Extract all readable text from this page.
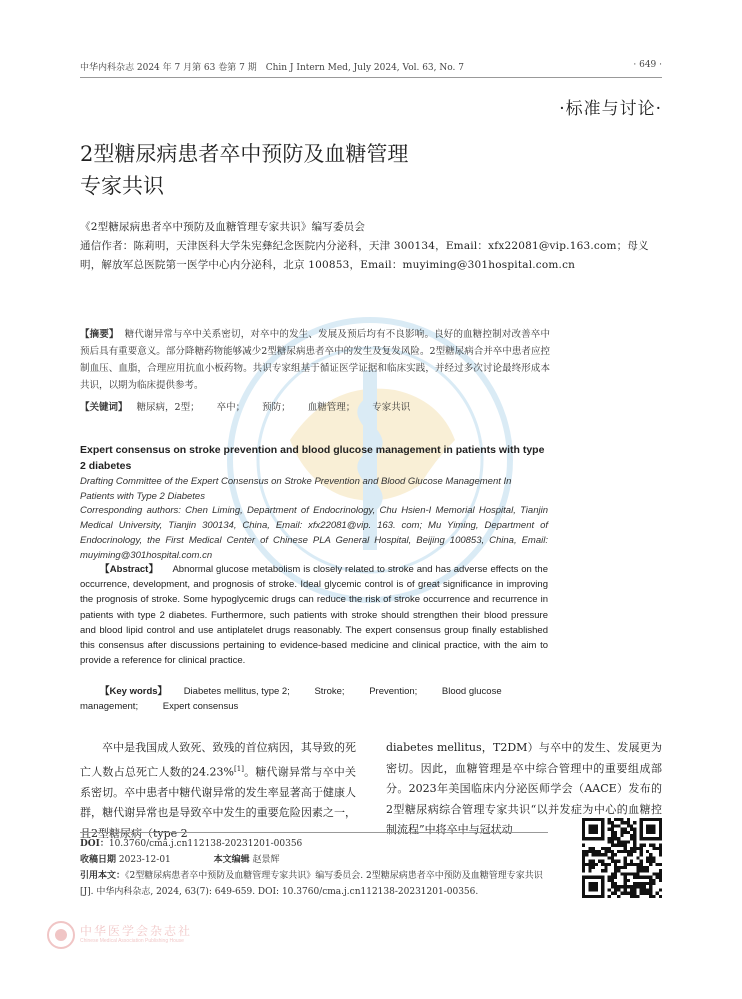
中华内科杂志 2024 年 7 月第 63 卷第 7 期　Chin J Intern Med, July 2024, Vol. 63, No. 7	· 649 ·
·标准与讨论·
2型糖尿病患者卒中预防及血糖管理
专家共识
《2型糖尿病患者卒中预防及血糖管理专家共识》编写委员会
通信作者：陈莉明，天津医科大学朱宪彝纪念医院内分泌科，天津 300134，Email：xfx22081@vip.163.com；母义明，解放军总医院第一医学中心内分泌科，北京 100853，Email：muyiming@301hospital.com.cn
【摘要】 糖代谢异常与卒中关系密切，对卒中的发生、发展及预后均有不良影响。良好的血糖控制对改善卒中预后具有重要意义。部分降糖药物能够减少2型糖尿病患者卒中的发生及复发风险。2型糖尿病合并卒中患者应控制血压、血脂，合理应用抗血小板药物。共识专家组基于循证医学证据和临床实践，并经过多次讨论最终形成本共识，以期为临床提供参考。
【关键词】 糖尿病，2型； 卒中； 预防； 血糖管理； 专家共识
Expert consensus on stroke prevention and blood glucose management in patients with type 2 diabetes
Drafting Committee of the Expert Consensus on Stroke Prevention and Blood Glucose Management In Patients with Type 2 Diabetes
Corresponding authors: Chen Liming, Department of Endocrinology, Chu Hsien-I Memorial Hospital, Tianjin Medical University, Tianjin 300134, China, Email: xfx22081@vip. 163. com; Mu Yiming, Department of Endocrinology, the First Medical Center of Chinese PLA General Hospital, Beijing 100853, China, Email: muyiming@301hospital.com.cn
【Abstract】 Abnormal glucose metabolism is closely related to stroke and has adverse effects on the occurrence, development, and prognosis of stroke. Ideal glycemic control is of great significance in improving the prognosis of stroke. Some hypoglycemic drugs can reduce the risk of stroke occurrence and recurrence in patients with type 2 diabetes. Furthermore, such patients with stroke should strengthen their blood pressure and blood lipid control and use antiplatelet drugs reasonably. The expert consensus group finally established this consensus after discussions pertaining to evidence-based medicine and clinical practice, with the aim to provide a reference for clinical practice.
【Key words】 Diabetes mellitus, type 2;	Stroke;	Prevention;	Blood glucose management;	Expert consensus
卒中是我国成人致死、致残的首位病因，其导致的死亡人数占总死亡人数的24.23%[1]。糖代谢异常与卒中关系密切。卒中患者中糖代谢异常的发生率显著高于健康人群，糖代谢异常也是导致卒中发生的重要危险因素之一，且2型糖尿病（type 2
diabetes mellitus，T2DM）与卒中的发生、发展更为密切。因此，血糖管理是卒中综合管理中的重要组成部分。2023年美国临床内分泌医师学会（AACE）发布的2型糖尿病综合管理专家共识“以并发症为中心的血糖控制流程”中将卒中与冠状动
DOI：10.3760/cma.j.cn112138-20231201-00356
收稿日期 2023-12-01	本文编辑 赵景辉
引用本文：《2型糖尿病患者卒中预防及血糖管理专家共识》编写委员会. 2型糖尿病患者卒中预防及血糖管理专家共识[J]. 中华内科杂志, 2024, 63(7): 649-659. DOI: 10.3760/cma.j.cn112138-20231201-00356.
中华医学会杂志社
Chinese Medical Association Publishing House
